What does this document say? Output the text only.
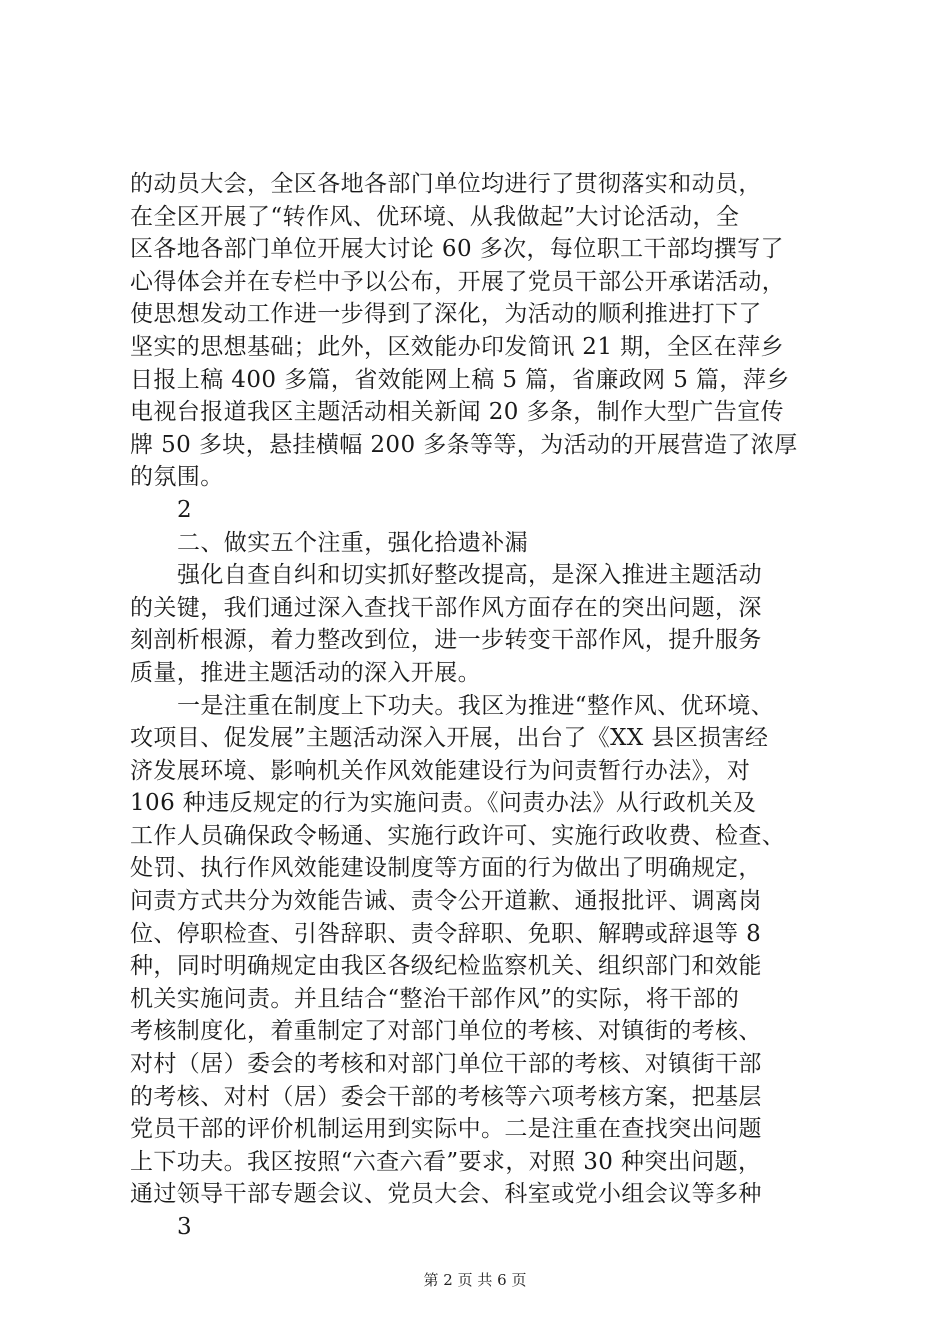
的动员大会，全区各地各部门单位均进行了贯彻落实和动员，
在全区开展了“转作风、优环境、从我做起”大讨论活动，全
区各地各部门单位开展大讨论 60 多次，每位职工干部均撰写了
心得体会并在专栏中予以公布，开展了党员干部公开承诺活动，
使思想发动工作进一步得到了深化，为活动的顺利推进打下了
坚实的思想基础；此外，区效能办印发简讯 21 期，全区在萍乡
日报上稿 400 多篇，省效能网上稿 5 篇，省廉政网 5 篇，萍乡
电视台报道我区主题活动相关新闻 20 多条，制作大型广告宣传
牌 50 多块，悬挂横幅 200 多条等等，为活动的开展营造了浓厚
的氛围。
2
二、做实五个注重，强化拾遗补漏
强化自查自纠和切实抓好整改提高，是深入推进主题活动
的关键，我们通过深入查找干部作风方面存在的突出问题，深
刻剖析根源，着力整改到位，进一步转变干部作风，提升服务
质量，推进主题活动的深入开展。
一是注重在制度上下功夫。我区为推进“整作风、优环境、
攻项目、促发展”主题活动深入开展，出台了《XX 县区损害经
济发展环境、影响机关作风效能建设行为问责暂行办法》，对
106 种违反规定的行为实施问责。《问责办法》从行政机关及
工作人员确保政令畅通、实施行政许可、实施行政收费、检查、
处罚、执行作风效能建设制度等方面的行为做出了明确规定，
问责方式共分为效能告诫、责令公开道歉、通报批评、调离岗
位、停职检查、引咎辞职、责令辞职、免职、解聘或辞退等 8
种，同时明确规定由我区各级纪检监察机关、组织部门和效能
机关实施问责。并且结合“整治干部作风”的实际，将干部的
考核制度化，着重制定了对部门单位的考核、对镇街的考核、
对村（居）委会的考核和对部门单位干部的考核、对镇街干部
的考核、对村（居）委会干部的考核等六项考核方案，把基层
党员干部的评价机制运用到实际中。二是注重在查找突出问题
上下功夫。我区按照“六查六看”要求，对照 30 种突出问题，
通过领导干部专题会议、党员大会、科室或党小组会议等多种
3
第 2 页 共 6 页
